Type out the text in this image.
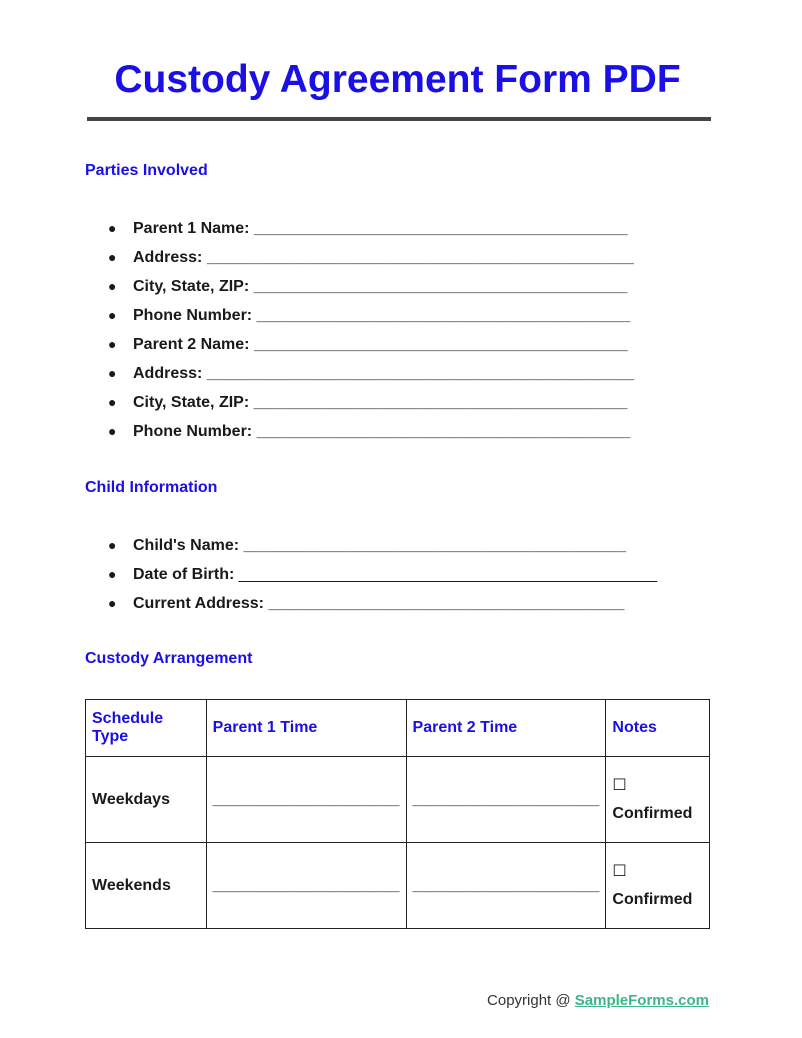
Custody Agreement Form PDF
Parties Involved
● Parent 1 Name: __________________________________________
● Address: ________________________________________________
● City, State, ZIP: __________________________________________
● Phone Number: __________________________________________
● Parent 2 Name: __________________________________________
● Address: ________________________________________________
● City, State, ZIP: __________________________________________
● Phone Number: __________________________________________
Child Information
● Child's Name: ___________________________________________
● Date of Birth: _______________________________________________
● Current Address: ________________________________________
Custody Arrangement
Schedule Type	Parent 1 Time	Parent 2 Time	Notes
Weekdays	_____________________	_____________________	☐
Confirmed
Weekends	_____________________	_____________________	☐
Confirmed
Copyright @ SampleForms.com
